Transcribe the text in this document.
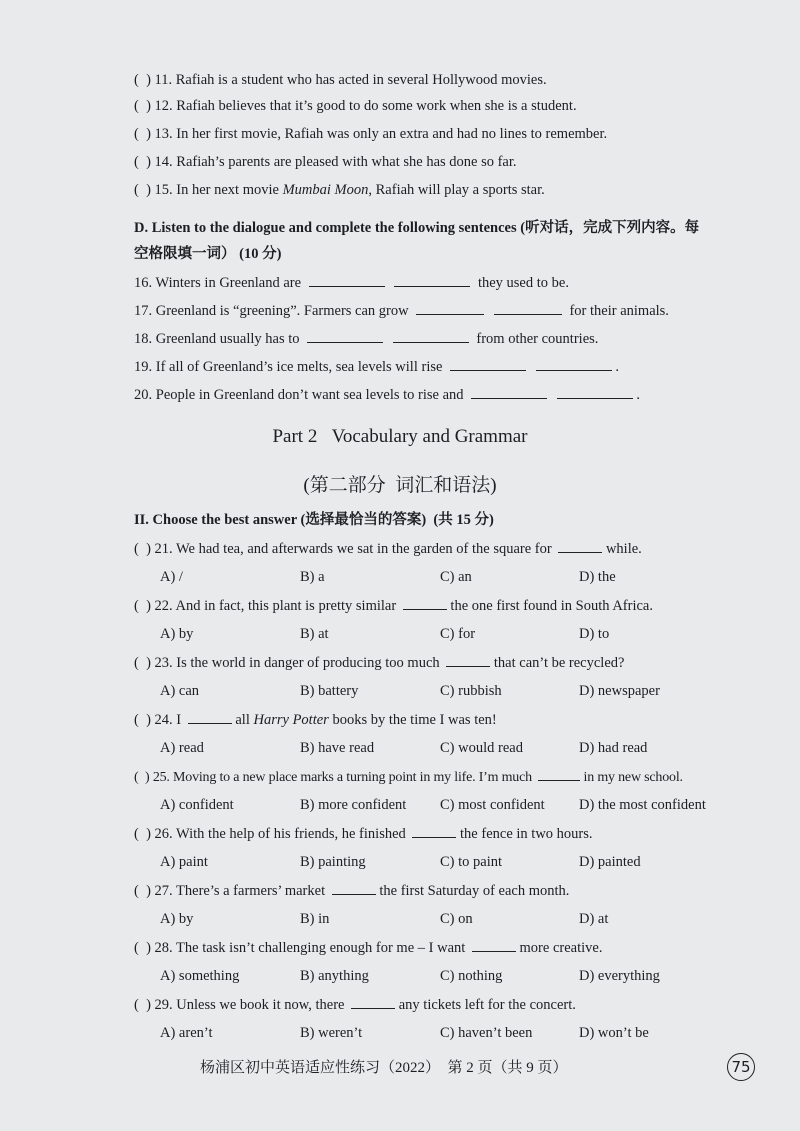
(  ) 11. Rafiah is a student who has acted in several Hollywood movies.
(  ) 12. Rafiah believes that it’s good to do some work when she is a student.
(  ) 13. In her first movie, Rafiah was only an extra and had no lines to remember.
(  ) 14. Rafiah’s parents are pleased with what she has done so far.
(  ) 15. In her next movie Mumbai Moon, Rafiah will play a sports star.
D. Listen to the dialogue and complete the following sentences (听对话，完成下列内容。每
空格限填一词） (10 分)
16. Winters in Greenland are	they used to be.
17. Greenland is “greening”. Farmers can grow	for their animals.
18. Greenland usually has to	from other countries.
19. If all of Greenland’s ice melts, sea levels will rise	.
20. People in Greenland don’t want sea levels to rise and	.
Part 2   Vocabulary and Grammar
(第二部分  词汇和语法)
II. Choose the best answer (选择最恰当的答案)  (共 15 分)
(  ) 21. We had tea, and afterwards we sat in the garden of the square for	while.
A) /	B) a	C) an	D) the
(  ) 22. And in fact, this plant is pretty similar	the one first found in South Africa.
A) by	B) at	C) for	D) to
(  ) 23. Is the world in danger of producing too much	that can’t be recycled?
A) can	B) battery	C) rubbish	D) newspaper
(  ) 24. I	all Harry Potter books by the time I was ten!
A) read	B) have read	C) would read	D) had read
(  ) 25. Moving to a new place marks a turning point in my life. I’m much	in my new school.
A) confident	B) more confident C) most confident D) the most confident
(  ) 26. With the help of his friends, he finished	the fence in two hours.
A) paint	B) painting	C) to paint	D) painted
(  ) 27. There’s a farmers’ market	the first Saturday of each month.
A) by	B) in	C) on	D) at
(  ) 28. The task isn’t challenging enough for me – I want	more creative.
A) something	B) anything	C) nothing	D) everything
(  ) 29. Unless we book it now, there	any tickets left for the concert.
A) aren’t	B) weren’t	C) haven’t been	D) won’t be
杨浦区初中英语适应性练习（2022）  第 2 页（共 9 页）	75
